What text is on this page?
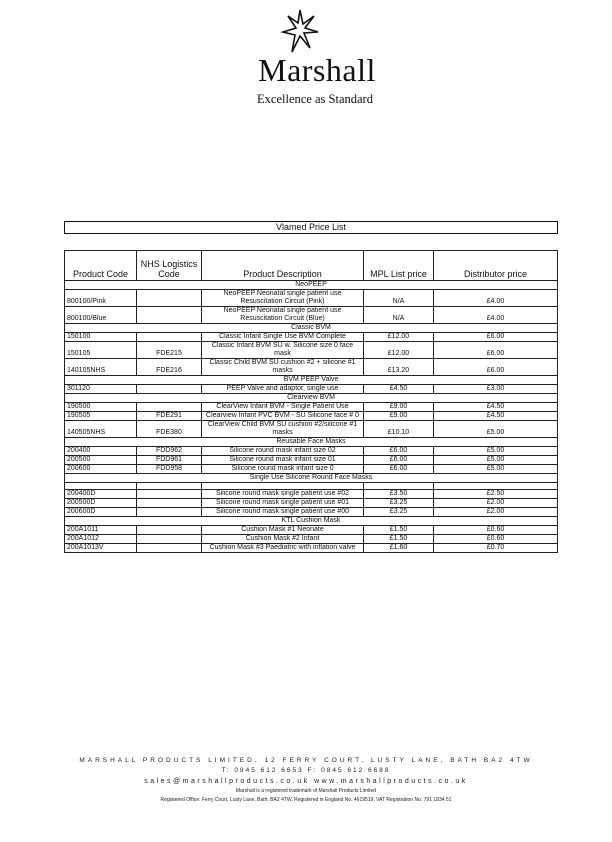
Marshall
Excellence as Standard
Vlamed Price List
Product Code	NHS Logistics Code	Product Description	MPL List price	Distributor price
NeoPEEP				
800100/Pink		NeoPEEP Neonatal single patient use Resuscitation Circuit (Pink)	N/A	£4.00
800100/Blue		NeoPEEP Neonatal single patient use Resuscitation Circuit (Blue)	N/A	£4.00
Classic BVM				
150100		Classic Infant Single Use BVM Complete	£12.00	£6.00
150105	FDE215	Classic Infant BVM SU w. Silicone size 0 face mask	£12.00	£6.00
140105NHS	FDE216	Classic Child BVM SU cushion #2 + silicone #1 masks	£13.20	£6.00
BVM PEEP Valve				
301120		PEEP Valve and adaptor, single use	£4.50	£3.00
Clearview BVM				
190500		ClearView Infant BVM - Single Patient Use	£9.00	£4.50
190505	FDE291	Clearview Infant PVC BVM - SU Silicone face # 0	£9.00	£4.50
140505NHS	FDE380	ClearView Child BVM SU cushion #2/silicone #1 masks	£10.10	£5.00
Reusable Face Masks				
200400	FDD962	Silicone round mask infant size 02	£6.00	£5.00
200500	FDD961	Silicone round mask infant size 01	£6.00	£5.00
200600	FDD958	Silicone round mask infant size 0	£6.00	£5.00
Single Use Silicone Round Face Masks				

200400D		Silicone round mask single patient use #02	£3.50	£2.50
200500D		Silicone round mask single patient use #01	£3.25	£2.00
200600D		Silicone round mask single patient use #00	£3.25	£2.00
KTL Cushion Mask				
200A1011		Cushion Mask #1 Neonate	£1.50	£0.60
200A1012		Cushion Mask #2 Infant	£1.50	£0.60
200A1013V		Cushion Mask #3 Paediatric with inflation valve	£1.60	£0.70
MARSHALL PRODUCTS LIMITED, 12 FERRY COURT, LUSTY LANE, BATH BA2 4TW
T: 0845 612 6653 F: 0845 612 6688
sales@marshallproducts.co.uk www.marshallproducts.co.uk
Marshall is a registered trademark of Marshall Products Limited
Registered Office: Ferry Court, Lusty Lane, Bath, BA2 4TW. Registered in England No. 4619519. VAT Registration No. 791 1834 51
